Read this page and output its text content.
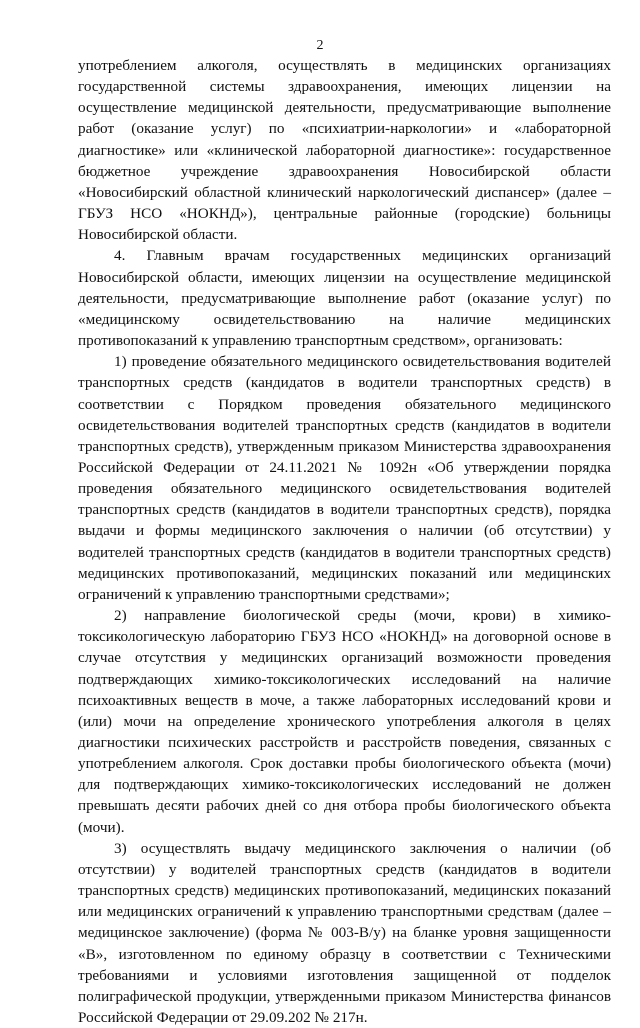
2

употреблением алкоголя, осуществлять в медицинских организациях государственной системы здравоохранения, имеющих лицензии на осуществление медицинской деятельности, предусматривающие выполнение работ (оказание услуг) по «психиатрии-наркологии» и «лабораторной диагностике» или «клинической лабораторной диагностике»: государственное бюджетное учреждение здравоохранения Новосибирской области «Новосибирский областной клинический наркологический диспансер» (далее – ГБУЗ НСО «НОКНД»), центральные районные (городские) больницы Новосибирской области.

4. Главным врачам государственных медицинских организаций Новосибирской области, имеющих лицензии на осуществление медицинской деятельности, предусматривающие выполнение работ (оказание услуг) по «медицинскому освидетельствованию на наличие медицинских противопоказаний к управлению транспортным средством», организовать:

1) проведение обязательного медицинского освидетельствования водителей транспортных средств (кандидатов в водители транспортных средств) в соответствии с Порядком проведения обязательного медицинского освидетельствования водителей транспортных средств (кандидатов в водители транспортных средств), утвержденным приказом Министерства здравоохранения Российской Федерации от 24.11.2021 № 1092н «Об утверждении порядка проведения обязательного медицинского освидетельствования водителей транспортных средств (кандидатов в водители транспортных средств), порядка выдачи и формы медицинского заключения о наличии (об отсутствии) у водителей транспортных средств (кандидатов в водители транспортных средств) медицинских противопоказаний, медицинских показаний или медицинских ограничений к управлению транспортными средствами»;

2) направление биологической среды (мочи, крови) в химико-токсикологическую лабораторию ГБУЗ НСО «НОКНД» на договорной основе в случае отсутствия у медицинских организаций возможности проведения подтверждающих химико-токсикологических исследований на наличие психоактивных веществ в моче, а также лабораторных исследований крови и (или) мочи на определение хронического употребления алкоголя в целях диагностики психических расстройств и расстройств поведения, связанных с употреблением алкоголя. Срок доставки пробы биологического объекта (мочи) для подтверждающих химико-токсикологических исследований не должен превышать десяти рабочих дней со дня отбора пробы биологического объекта (мочи).

3) осуществлять выдачу медицинского заключения о наличии (об отсутствии) у водителей транспортных средств (кандидатов в водители транспортных средств) медицинских противопоказаний, медицинских показаний или медицинских ограничений к управлению транспортными средствам (далее – медицинское заключение) (форма № 003-В/у) на бланке уровня защищенности «В», изготовленном по единому образцу в соответствии с Техническими требованиями и условиями изготовления защищенной от подделок полиграфической продукции, утвержденными приказом Министерства финансов Российской Федерации от 29.09.202 № 217н.
